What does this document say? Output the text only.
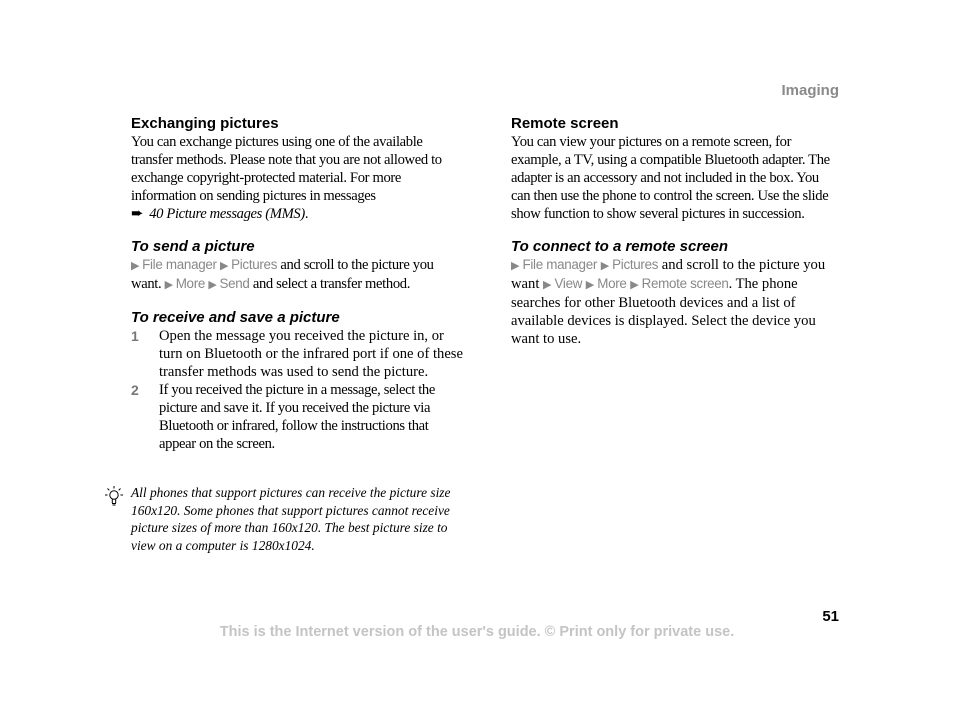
Imaging
Exchanging pictures

You can exchange pictures using one of the available transfer methods. Please note that you are not allowed to exchange copyright-protected material. For more information on sending pictures in messages
➨ 40 Picture messages (MMS).

To send a picture

▶ File manager ▶ Pictures and scroll to the picture you want. ▶ More ▶ Send and select a transfer method.

To receive and save a picture
1 Open the message you received the picture in, or turn on Bluetooth or the infrared port if one of these transfer methods was used to send the picture.
2 If you received the picture in a message, select the picture and save it. If you received the picture via Bluetooth or infrared, follow the instructions that appear on the screen.

All phones that support pictures can receive the picture size 160x120. Some phones that support pictures cannot receive picture sizes of more than 160x120. The best picture size to view on a computer is 1280x1024.

Remote screen

You can view your pictures on a remote screen, for example, a TV, using a compatible Bluetooth adapter. The adapter is an accessory and not included in the box. You can then use the phone to control the screen. Use the slide show function to show several pictures in succession.

To connect to a remote screen

▶ File manager ▶ Pictures and scroll to the picture you want ▶ View ▶ More ▶ Remote screen. The phone searches for other Bluetooth devices and a list of available devices is displayed. Select the device you want to use.

51
This is the Internet version of the user's guide. © Print only for private use.
